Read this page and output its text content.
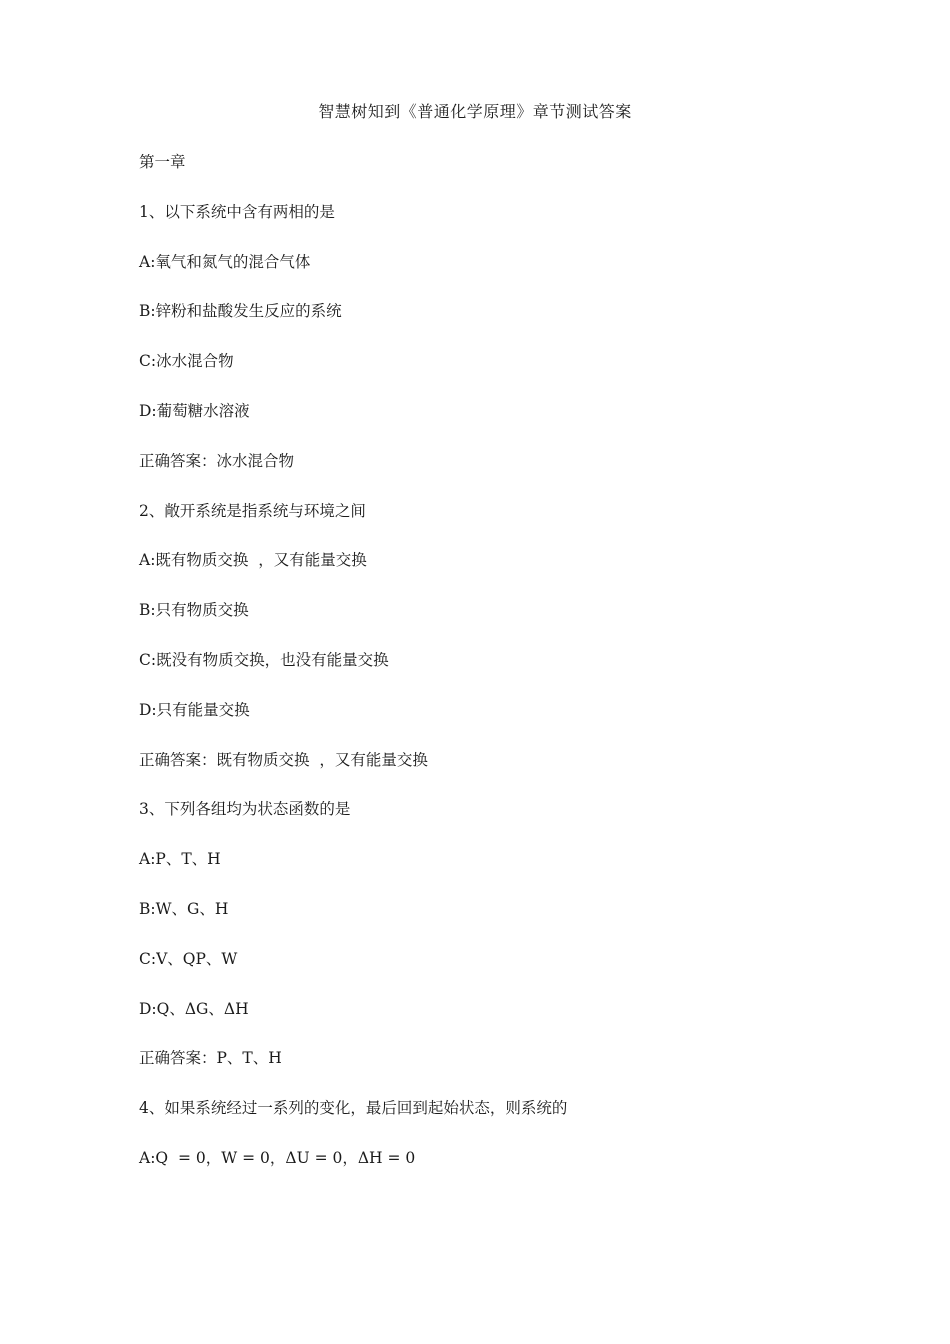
智慧树知到《普通化学原理》章节测试答案
第一章
1、以下系统中含有两相的是
A:氧气和氮气的混合气体
B:锌粉和盐酸发生反应的系统
C:冰水混合物
D:葡萄糖水溶液
正确答案：冰水混合物
2、敞开系统是指系统与环境之间
A:既有物质交换  ，又有能量交换
B:只有物质交换
C:既没有物质交换，也没有能量交换
D:只有能量交换
正确答案：既有物质交换  ，又有能量交换
3、下列各组均为状态函数的是
A:P、T、H
B:W、G、H
C:V、QP、W
D:Q、ΔG、ΔH
正确答案：P、T、H
4、如果系统经过一系列的变化，最后回到起始状态，则系统的
A:Q  = 0，W = 0，ΔU = 0，ΔH = 0
